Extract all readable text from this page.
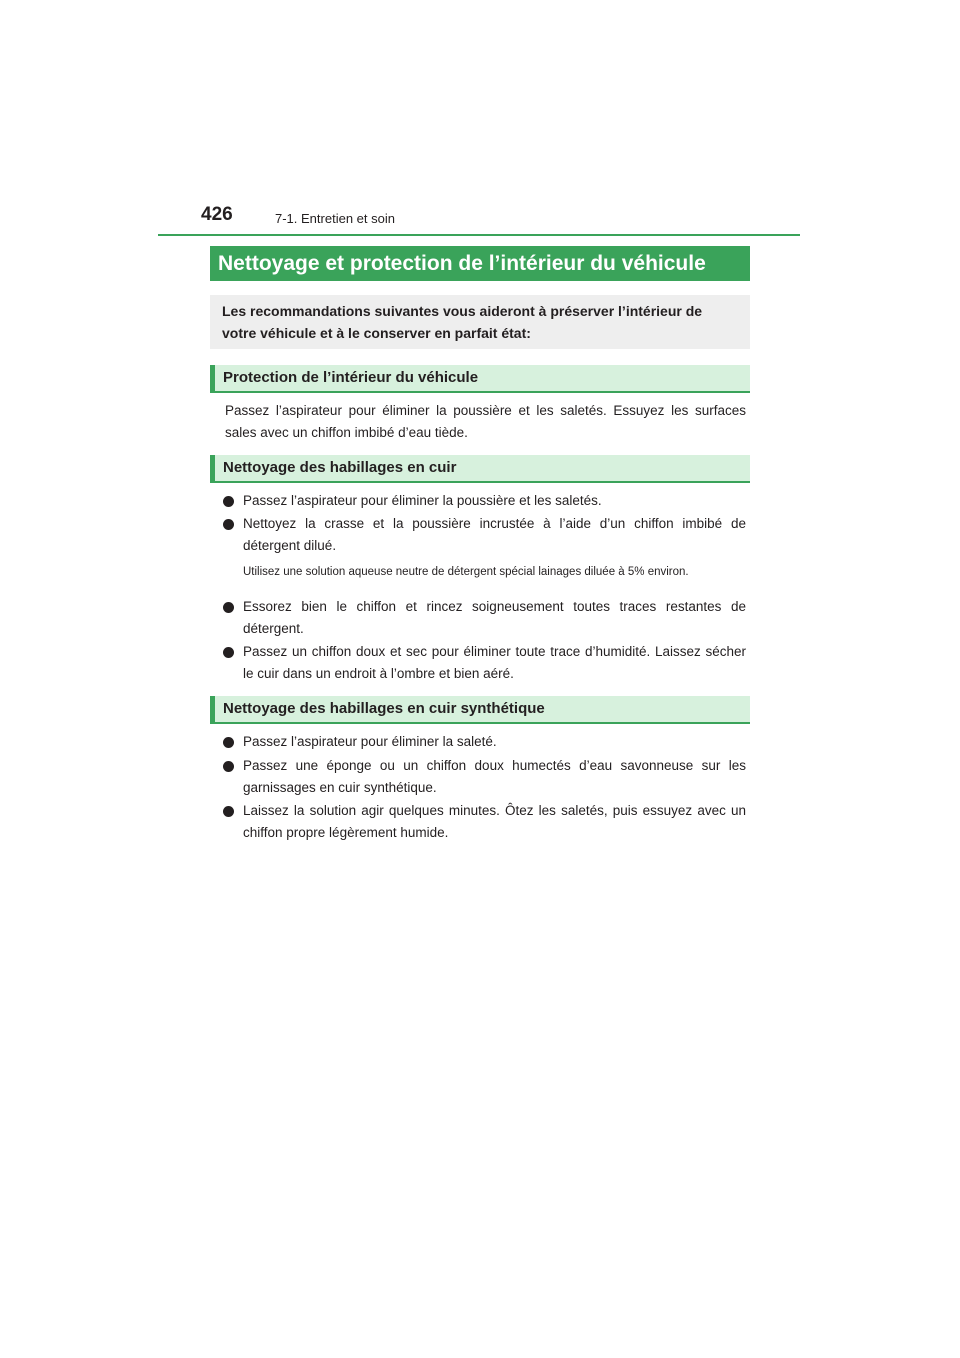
426	7-1. Entretien et soin
Nettoyage et protection de l’intérieur du véhicule
Les recommandations suivantes vous aideront à préserver l’intérieur de votre véhicule et à le conserver en parfait état:
Protection de l’intérieur du véhicule
Passez l’aspirateur pour éliminer la poussière et les saletés. Essuyez les surfaces sales avec un chiffon imbibé d’eau tiède.
Nettoyage des habillages en cuir
Passez l’aspirateur pour éliminer la poussière et les saletés.
Nettoyez la crasse et la poussière incrustée à l’aide d’un chiffon imbibé de détergent dilué.
Utilisez une solution aqueuse neutre de détergent spécial lainages diluée à 5% environ.
Essorez bien le chiffon et rincez soigneusement toutes traces restantes de détergent.
Passez un chiffon doux et sec pour éliminer toute trace d’humidité. Laissez sécher le cuir dans un endroit à l’ombre et bien aéré.
Nettoyage des habillages en cuir synthétique
Passez l’aspirateur pour éliminer la saleté.
Passez une éponge ou un chiffon doux humectés d’eau savonneuse sur les garnissages en cuir synthétique.
Laissez la solution agir quelques minutes. Ôtez les saletés, puis essuyez avec un chiffon propre légèrement humide.
